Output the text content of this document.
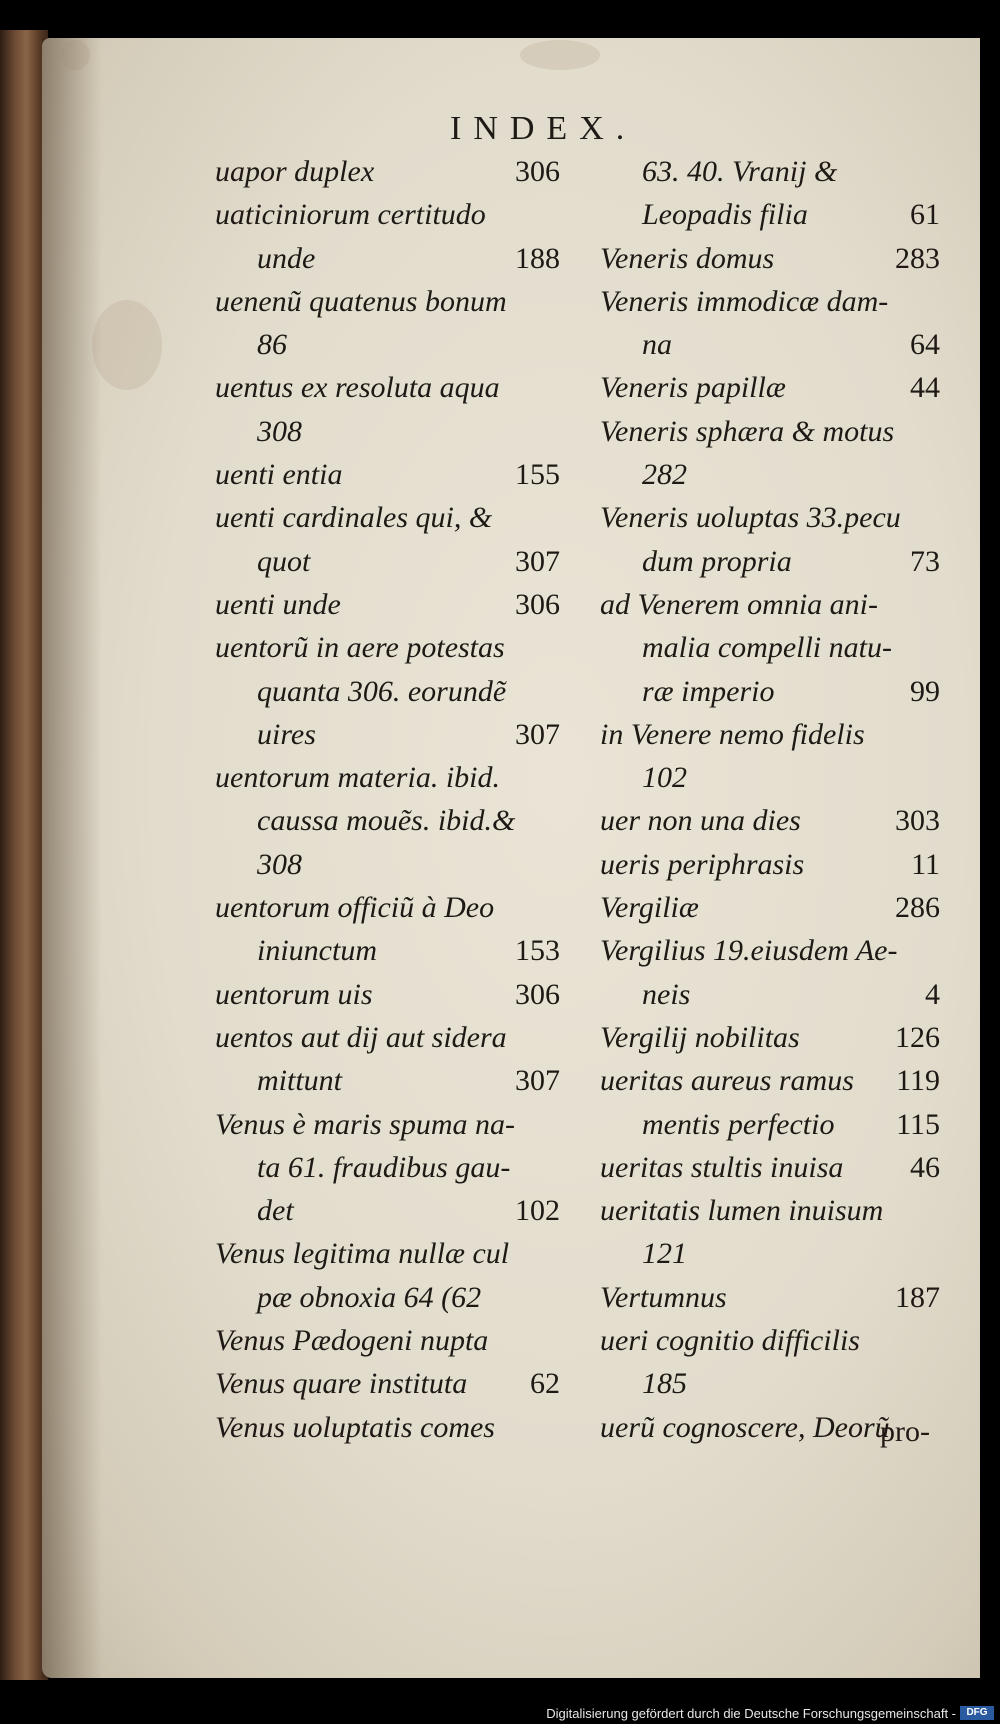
INDEX.
uapor duplex	306
uaticiniorum certitudo
unde	188
uenenũ quatenus bonum
86
uentus ex resoluta aqua
308
uenti entia	155
uenti cardinales qui, &
quot	307
uenti unde	306
uentorũ in aere potestas
quanta 306. eorundẽ
uires	307
uentorum materia. ibid.
caussa mouẽs. ibid.&
308
uentorum officiũ à Deo
iniunctum	153
uentorum uis	306
uentos aut dij aut sidera
mittunt	307
Venus è maris spuma na-
ta 61. fraudibus gau-
det	102
Venus legitima nullæ cul
pæ obnoxia 64 (62
Venus Pædogeni nupta
Venus quare instituta 62
Venus uoluptatis comes
63. 40. Vranij &
Leopadis filia	61
Veneris domus	283
Veneris immodicæ dam-
na	64
Veneris papillæ	44
Veneris sphæra & motus
282
Veneris uoluptas 33.pecu
dum propria	73
ad Venerem omnia ani-
malia compelli natu-
ræ imperio	99
in Venere nemo fidelis
102
uer non una dies	303
ueris periphrasis	11
Vergiliæ	286
Vergilius 19.eiusdem Ae-
neis	4
Vergilij nobilitas	126
ueritas aureus ramus 119
mentis perfectio 115
ueritas stultis inuisa 46
ueritatis lumen inuisum
121
Vertumnus	187
ueri cognitio difficilis
185
uerũ cognoscere, Deorũ
pro-
Digitalisierung gefördert durch die Deutsche Forschungsgemeinschaft -	DFG
